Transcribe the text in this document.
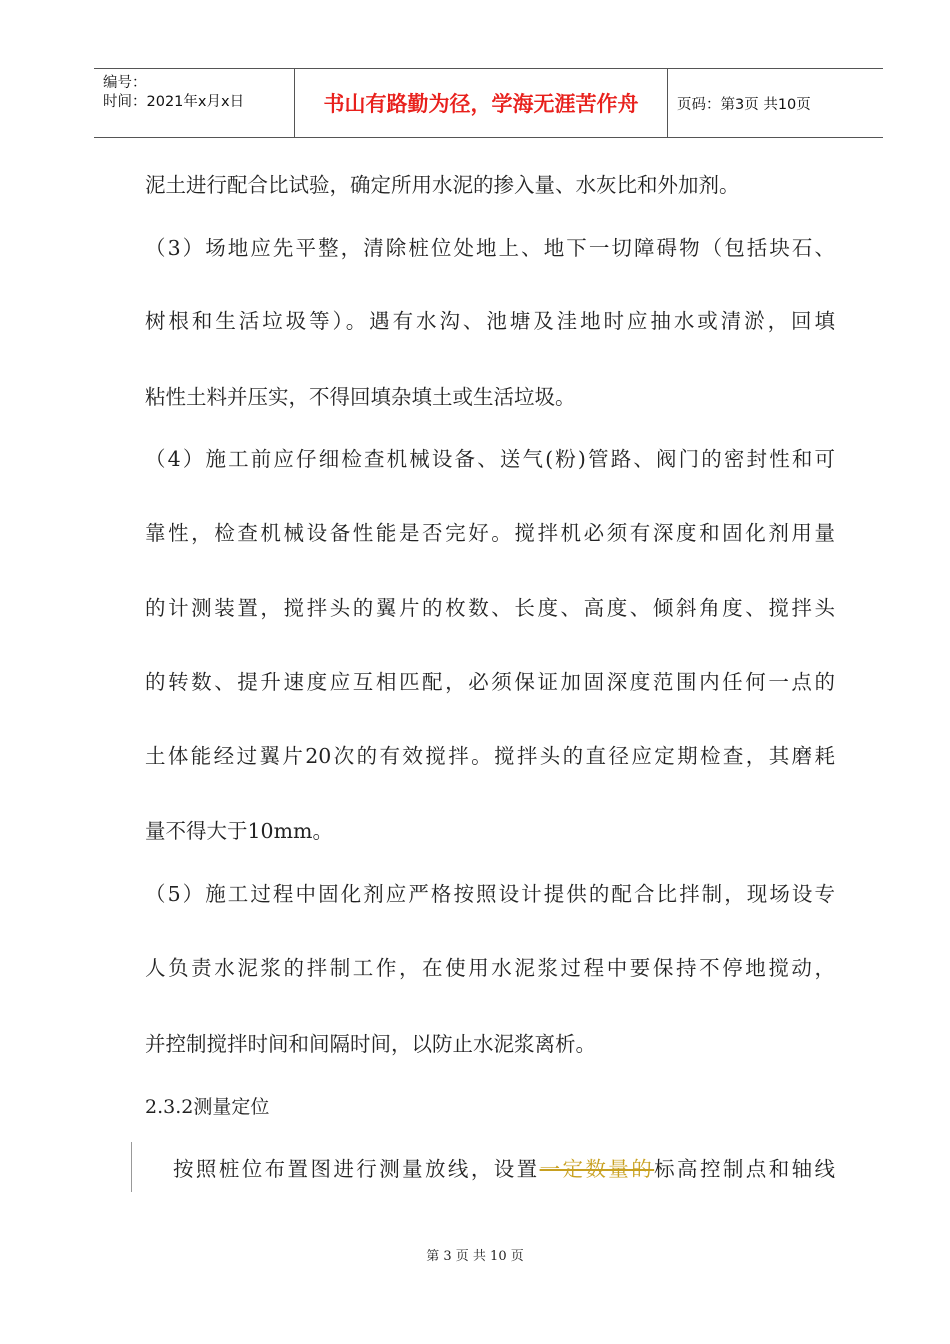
编号：
时间：2021年x月x日	书山有路勤为径，学海无涯苦作舟	页码：第3页 共10页
泥土进行配合比试验，确定所用水泥的掺入量、水灰比和外加剂。
（3）场地应先平整，清除桩位处地上、地下一切障碍物（包括块石、
树根和生活垃圾等）。遇有水沟、池塘及洼地时应抽水或清淤，回填
粘性土料并压实，不得回填杂填土或生活垃圾。
（4）施工前应仔细检查机械设备、送气(粉)管路、阀门的密封性和可
靠性，检查机械设备性能是否完好。搅拌机必须有深度和固化剂用量
的计测装置，搅拌头的翼片的枚数、长度、高度、倾斜角度、搅拌头
的转数、提升速度应互相匹配，必须保证加固深度范围内任何一点的
土体能经过翼片20次的有效搅拌。搅拌头的直径应定期检查，其磨耗
量不得大于10mm。
（5）施工过程中固化剂应严格按照设计提供的配合比拌制，现场设专
人负责水泥浆的拌制工作，在使用水泥浆过程中要保持不停地搅动，
并控制搅拌时间和间隔时间，以防止水泥浆离析。
2.3.2测量定位
按照桩位布置图进行测量放线，设置一定数量的标高控制点和轴线
第 3 页 共 10 页
